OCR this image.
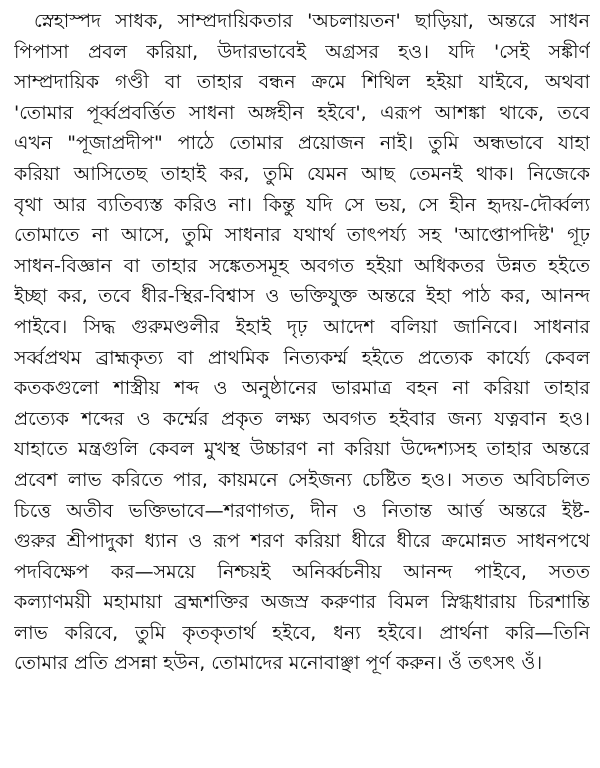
স্নেহাস্পদ সাধক, সাম্প্রদায়িকতার 'অচলায়তন' ছাড়িয়া, অন্তরে সাধন
পিপাসা প্রবল করিয়া, উদারভাবেই অগ্রসর হও। যদি 'সেই সঙ্কীর্ণ
সাম্প্রদায়িক গণ্ডী বা তাহার বন্ধন ক্রমে শিথিল হইয়া যাইবে, অথবা
'তোমার পূর্ব্বপ্রবর্ত্তিত সাধনা অঙ্গহীন হইবে', এরূপ আশঙ্কা থাকে, তবে
এখন "পূজাপ্রদীপ" পাঠে তোমার প্রয়োজন নাই। তুমি অন্ধভাবে যাহা
করিয়া আসিতেছ তাহাই কর, তুমি যেমন আছ তেমনই থাক। নিজেকে
বৃথা আর ব্যতিব্যস্ত করিও না। কিন্তু যদি সে ভয়, সে হীন হৃদয়-দৌর্ব্বল্য
তোমাতে না আসে, তুমি সাধনার যথার্থ তাৎপর্য্য সহ 'আপ্তোপদিষ্ট' গূঢ়
সাধন-বিজ্ঞান বা তাহার সঙ্কেতসমূহ অবগত হইয়া অধিকতর উন্নত হইতে
ইচ্ছা কর, তবে ধীর-স্থির-বিশ্বাস ও ভক্তিযুক্ত অন্তরে ইহা পাঠ কর, আনন্দ
পাইবে। সিদ্ধ গুরুমণ্ডলীর ইহাই দৃঢ় আদেশ বলিয়া জানিবে। সাধনার
সর্ব্বপ্রথম ব্রাহ্মকৃত্য বা প্রাথমিক নিত্যকর্ম্ম হইতে প্রত্যেক কার্য্যে কেবল
কতকগুলো শাস্ত্রীয় শব্দ ও অনুষ্ঠানের ভারমাত্র বহন না করিয়া তাহার
প্রত্যেক শব্দের ও কর্ম্মের প্রকৃত লক্ষ্য অবগত হইবার জন্য যত্নবান হও।
যাহাতে মন্ত্রগুলি কেবল মুখস্থ উচ্চারণ না করিয়া উদ্দেশ্যসহ তাহার অন্তরে
প্রবেশ লাভ করিতে পার, কায়মনে সেইজন্য চেষ্টিত হও। সতত অবিচলিত
চিত্তে অতীব ভক্তিভাবে—শরণাগত, দীন ও নিতান্ত আর্ত্ত অন্তরে ইষ্ট-
গুরুর শ্রীপাদুকা ধ্যান ও রূপ শরণ করিয়া ধীরে ধীরে ক্রমোন্নত সাধনপথে
পদবিক্ষেপ কর—সময়ে নিশ্চয়ই অনির্ব্বচনীয় আনন্দ পাইবে, সতত
কল্যাণময়ী মহামায়া ব্রহ্মশক্তির অজস্র করুণার বিমল স্নিগ্ধধারায় চিরশান্তি
লাভ করিবে, তুমি কৃতকৃতার্থ হইবে, ধন্য হইবে। প্রার্থনা করি—তিনি
তোমার প্রতি প্রসন্না হউন, তোমাদের মনোবাঞ্ছা পূর্ণ করুন। ওঁ তৎসৎ ওঁ।
